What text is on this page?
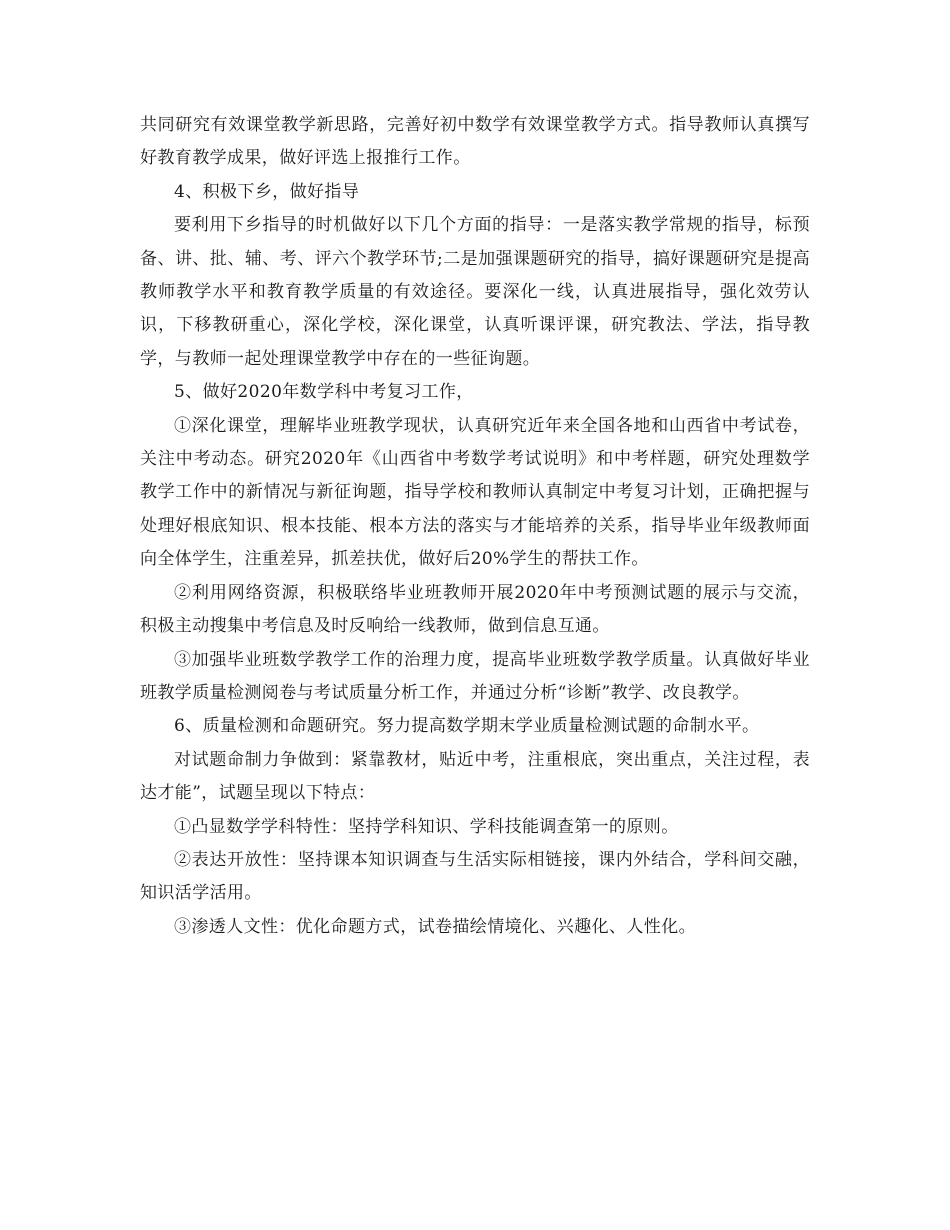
共同研究有效课堂教学新思路，完善好初中数学有效课堂教学方式。指导教师认真撰写好教育教学成果，做好评选上报推行工作。

4、积极下乡，做好指导

要利用下乡指导的时机做好以下几个方面的指导：一是落实教学常规的指导，标预备、讲、批、辅、考、评六个教学环节;二是加强课题研究的指导，搞好课题研究是提高教师教学水平和教育教学质量的有效途径。要深化一线，认真进展指导，强化效劳认识，下移教研重心，深化学校，深化课堂，认真听课评课，研究教法、学法，指导教学，与教师一起处理课堂教学中存在的一些征询题。

5、做好2020年数学科中考复习工作，

①深化课堂，理解毕业班教学现状，认真研究近年来全国各地和山西省中考试卷，关注中考动态。研究2020年《山西省中考数学考试说明》和中考样题，研究处理数学教学工作中的新情况与新征询题，指导学校和教师认真制定中考复习计划，正确把握与处理好根底知识、根本技能、根本方法的落实与才能培养的关系，指导毕业年级教师面向全体学生，注重差异，抓差扶优，做好后20%学生的帮扶工作。

②利用网络资源，积极联络毕业班教师开展2020年中考预测试题的展示与交流，积极主动搜集中考信息及时反响给一线教师，做到信息互通。

③加强毕业班数学教学工作的治理力度，提高毕业班数学教学质量。认真做好毕业班教学质量检测阅卷与考试质量分析工作，并通过分析“诊断”教学、改良教学。

6、质量检测和命题研究。努力提高数学期末学业质量检测试题的命制水平。

对试题命制力争做到：紧靠教材，贴近中考，注重根底，突出重点，关注过程，表达才能”，试题呈现以下特点：

①凸显数学学科特性：坚持学科知识、学科技能调查第一的原则。

②表达开放性：坚持课本知识调查与生活实际相链接，课内外结合，学科间交融，知识活学活用。

③渗透人文性：优化命题方式，试卷描绘情境化、兴趣化、人性化。
